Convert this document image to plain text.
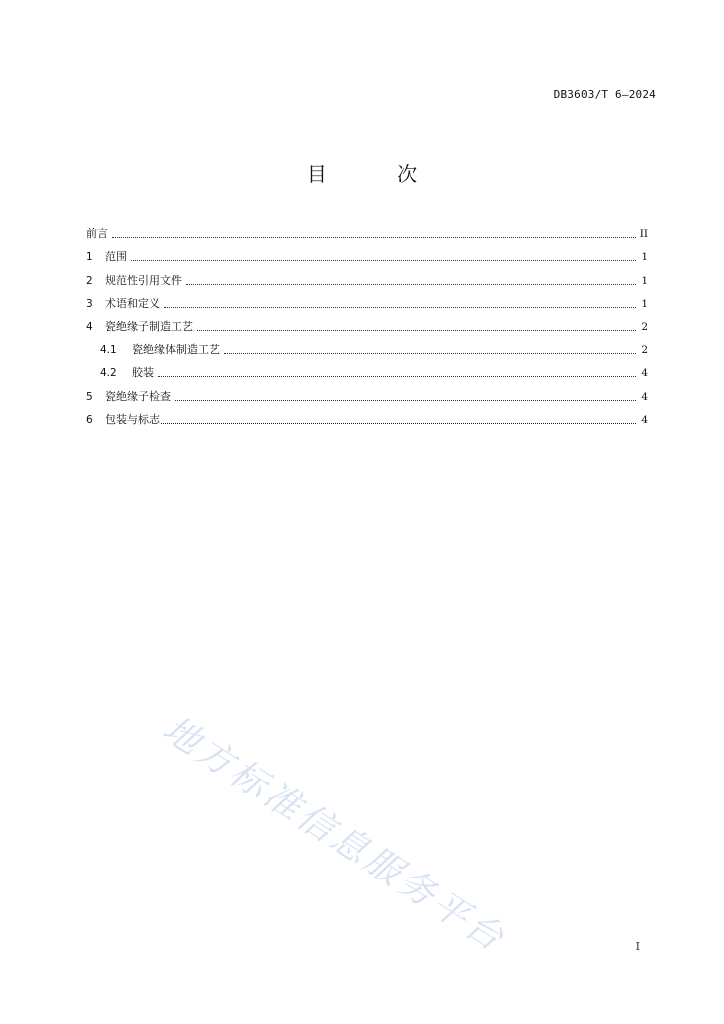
DB3603/T 6—2024
目 次
前言	II
1	范围	1
2	规范性引用文件	1
3	术语和定义	1
4	瓷绝缘子制造工艺	2
4.1	瓷绝缘体制造工艺	2
4.2	胶装	4
5	瓷绝缘子检查	4
6	包装与标志	4
地方标准信息服务平台	I
